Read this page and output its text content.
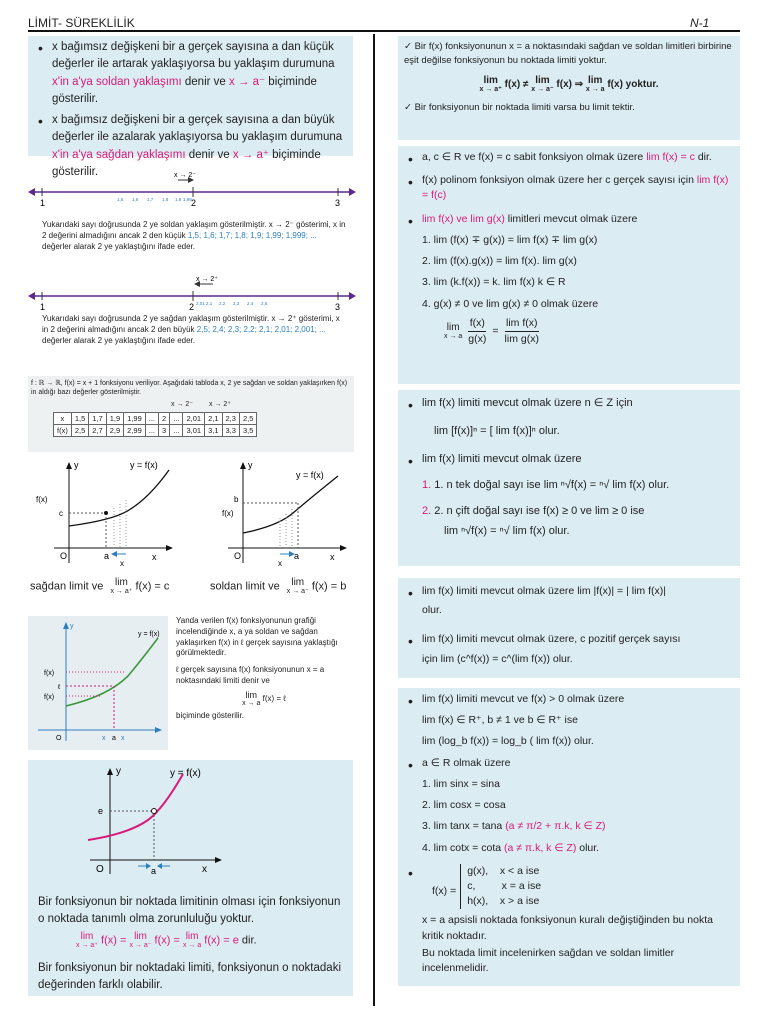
LİMİT- SÜREKLİLİK	N-1
• x bağımsız değişkeni bir a gerçek sayısına a dan küçük değerler ile artarak yaklaşıyorsa bu yaklaşım durumuna x'in a'ya soldan yaklaşımı denir ve x → a⁻ biçiminde gösterilir.
• x bağımsız değişkeni bir a gerçek sayısına a dan büyük değerler ile azalarak yaklaşıyorsa bu yaklaşım durumuna x'in a'ya sağdan yaklaşımı denir ve x → a⁺ biçiminde gösterilir.	x → 2⁻
1,5 1,6 1,7 1,8 1,9 1,99
1	2	3
Yukarıdaki sayı doğrusunda 2 ye soldan yaklaşım gösterilmiştir. x → 2⁻ gösterimi, x in 2 değerini almadığını ancak 2 den küçük 1,5; 1,6; 1,7; 1,8; 1,9; 1,99; 1,999; ... değerler alarak 2 ye yaklaştığını ifade eder.
x → 2⁺
2,01 2,1 2,2 2,3 2,4 2,5
1	2	3
Yukarıdaki sayı doğrusunda 2 ye sağdan yaklaşım gösterilmiştir. x → 2⁺ gösterimi, x in 2 değerini almadığını ancak 2 den büyük 2,5; 2,4; 2,3; 2,2; 2,1; 2,01; 2,001; ... değerler alarak 2 ye yaklaştığını ifade eder.
f : ℝ → ℝ, f(x) = x + 1 fonksiyonu veriliyor. Aşağıdaki tabloda x, 2 ye sağdan ve soldan yaklaşırken f(x) in aldığı bazı değerler gösterilmiştir.
x → 2⁻ x → 2⁺
x	1,5	1,7	1,9	1,99	...	2	...	2,01	2,1	2,3	2,5
f(x)	2,5	2,7	2,9	2,99	...	3	...	3,01	3,1	3,3	3,5
y	y = f(x)
f(x)
c
O	a	x
x
sağdan limit ve	lim
x → a⁺ f(x) = c
y
y = f(x)
f(x)
b
O	a	x
x
soldan limit ve	lim
x → a⁻ f(x) = b
y
y = f(x)
f(x)
ℓ
f(x)
O	x a x
Yanda verilen f(x) fonksiyonunun grafiği incelendiğinde x, a ya soldan ve sağdan yaklaşırken f(x) in ℓ gerçek sayısına yaklaştığı görülmektedir.
ℓ gerçek sayısına f(x) fonksiyonunun x = a noktasındaki limiti denir ve
lim
x → a
f(x) = ℓ
biçiminde gösterilir.
y	y = f(x)
e
O	a	x
Bir fonksiyonun bir noktada limitinin olması için fonksiyonun o noktada tanımlı olma zorunluluğu yoktur.
lim
x → a⁺ f(x) = lim
x → a⁻ f(x) = lim
x → a f(x) = e dir.
Bir fonksiyonun bir noktadaki limiti, fonksiyonun o noktadaki değerinden farklı olabilir.
✓ Bir f(x) fonksiyonunun x = a noktasındaki sağdan ve soldan limitleri birbirine eşit değilse fonksiyonun bu noktada limiti yoktur.
lim
x → a⁺ f(x) ≠ lim
x → a⁻ f(x) ⇒ lim
x → a f(x) yoktur.
✓ Bir fonksiyonun bir noktada limiti varsa bu limit tektir.
• a, c ∈ R ve f(x) = c sabit fonksiyon olmak üzere lim f(x) = c dir.
• f(x) polinom fonksiyon olmak üzere her c gerçek sayısı için lim f(x) = f(c)
• lim f(x) ve lim g(x) limitleri mevcut olmak üzere
1. lim (f(x) ∓ g(x)) = lim f(x) ∓ lim g(x)
2. lim (f(x).g(x)) = lim f(x). lim g(x)
3. lim (k.f(x)) = k. lim f(x) k ∈ R
4. g(x) ≠ 0 ve lim g(x) ≠ 0 olmak üzere
lim
x → a $\frac{f(x)}{g(x)} = \frac{\text{lim f(x)}}{\text{lim g(x)}}$
• lim f(x) limiti mevcut olmak üzere n ∈ Z için
lim [f(x)]ⁿ = [ lim f(x)]ⁿ olur.
• lim f(x) limiti mevcut olmak üzere
1. 1. n tek doğal sayı ise lim ⁿ√f(x) = ⁿ√ lim f(x) olur.
2. 2. n çift doğal sayı ise f(x) ≥ 0 ve lim ≥ 0 ise
lim ⁿ√f(x) = ⁿ√ lim f(x) olur.
• lim f(x) limiti mevcut olmak üzere lim |f(x)| = | lim f(x)|
olur.
• lim f(x) limiti mevcut olmak üzere, c pozitif gerçek sayısı
için lim (c^f(x)) = c^(lim f(x)) olur.
• lim f(x) limiti mevcut ve f(x) > 0 olmak üzere
lim f(x) ∈ R⁺, b ≠ 1 ve b ∈ R⁺ ise
lim (log_b f(x)) = log_b ( lim f(x)) olur.
• a ∈ R olmak üzere
1. lim sinx = sina
2. lim cosx = cosa
3. lim tanx = tana (a ≠ π/2 + π.k, k ∈ Z)
4. lim cotx = cota (a ≠ π.k, k ∈ Z) olur.
• f(x) =
g(x),    x < a ise
c,         x = a ise
h(x),    x > a ise
x = a apsisli noktada fonksiyonun kuralı değiştiğinden bu nokta kritik noktadır.
Bu noktada limit incelenirken sağdan ve soldan limitler incelenmelidir.
